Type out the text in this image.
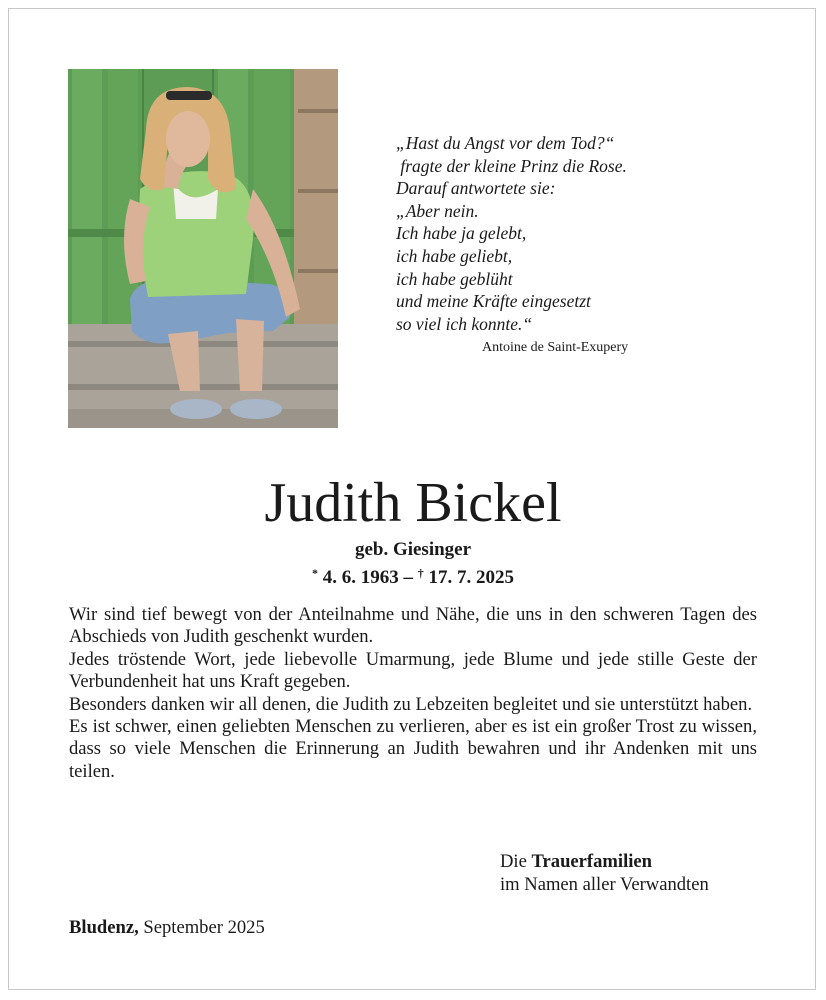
„Hast du Angst vor dem Tod?“
fragte der kleine Prinz die Rose.
Darauf antwortete sie:
„Aber nein.
Ich habe ja gelebt,
ich habe geliebt,
ich habe geblüht
und meine Kräfte eingesetzt
so viel ich konnte.“
Antoine de Saint-Exupery
Judith Bickel
geb. Giesinger
* 4. 6. 1963 – † 17. 7. 2025

Wir sind tief bewegt von der Anteilnahme und Nähe, die uns in den schweren Tagen des Abschieds von Judith geschenkt wurden.

Jedes tröstende Wort, jede liebevolle Umarmung, jede Blume und jede stille Geste der Verbundenheit hat uns Kraft gegeben.

Besonders danken wir all denen, die Judith zu Lebzeiten begleitet und sie unterstützt haben.

Es ist schwer, einen geliebten Menschen zu verlieren, aber es ist ein großer Trost zu wissen, dass so viele Menschen die Erinnerung an Judith bewahren und ihr Andenken mit uns teilen.

Die Trauerfamilien
im Namen aller Verwandten
Bludenz, September 2025
